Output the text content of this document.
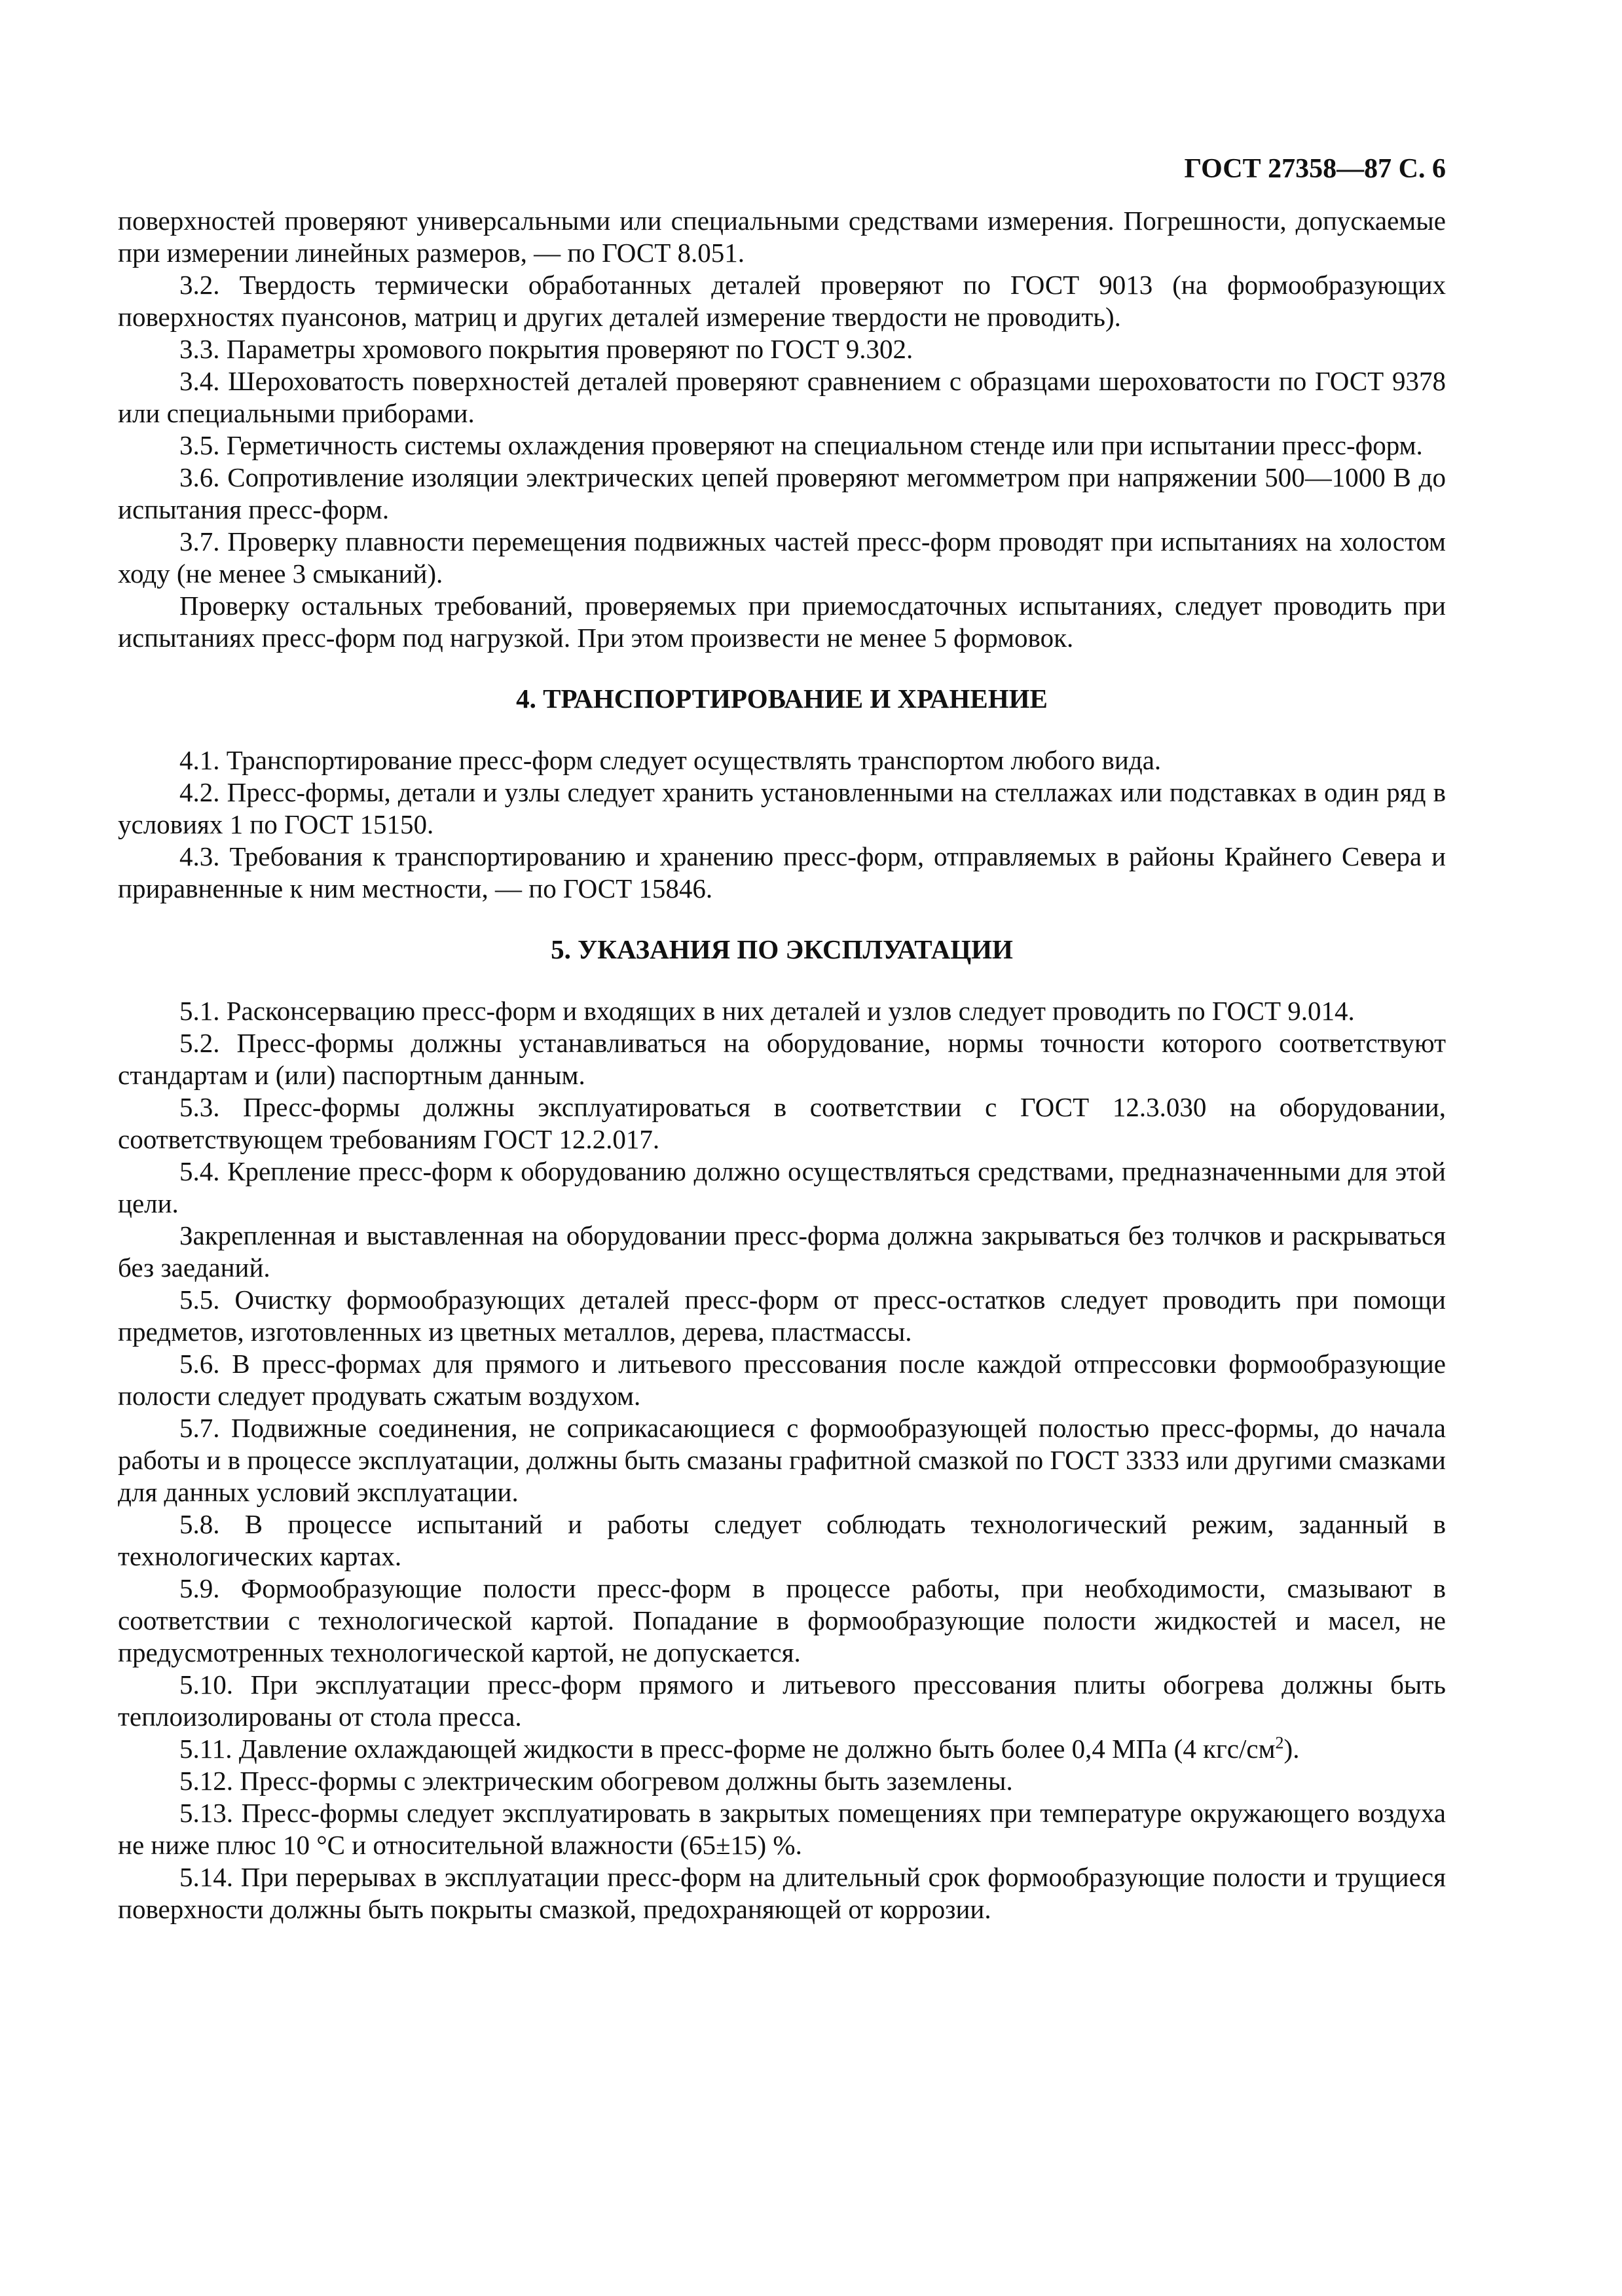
ГОСТ 27358—87 С. 6

поверхностей проверяют универсальными или специальными средствами измерения. Погрешности, допускаемые при измерении линейных размеров, — по ГОСТ 8.051.

3.2. Твердость термически обработанных деталей проверяют по ГОСТ 9013 (на формообразующих поверхностях пуансонов, матриц и других деталей измерение твердости не проводить).

3.3. Параметры хромового покрытия проверяют по ГОСТ 9.302.

3.4. Шероховатость поверхностей деталей проверяют сравнением с образцами шероховатости по ГОСТ 9378 или специальными приборами.

3.5. Герметичность системы охлаждения проверяют на специальном стенде или при испытании пресс-форм.

3.6. Сопротивление изоляции электрических цепей проверяют мегомметром при напряжении 500—1000 В до испытания пресс-форм.

3.7. Проверку плавности перемещения подвижных частей пресс-форм проводят при испытаниях на холостом ходу (не менее 3 смыканий).

Проверку остальных требований, проверяемых при приемосдаточных испытаниях, следует проводить при испытаниях пресс-форм под нагрузкой. При этом произвести не менее 5 формовок.

4. ТРАНСПОРТИРОВАНИЕ И ХРАНЕНИЕ

4.1. Транспортирование пресс-форм следует осуществлять транспортом любого вида.

4.2. Пресс-формы, детали и узлы следует хранить установленными на стеллажах или подставках в один ряд в условиях 1 по ГОСТ 15150.

4.3. Требования к транспортированию и хранению пресс-форм, отправляемых в районы Крайнего Севера и приравненные к ним местности, — по ГОСТ 15846.

5. УКАЗАНИЯ ПО ЭКСПЛУАТАЦИИ

5.1. Расконсервацию пресс-форм и входящих в них деталей и узлов следует проводить по ГОСТ 9.014.

5.2. Пресс-формы должны устанавливаться на оборудование, нормы точности которого соответствуют стандартам и (или) паспортным данным.

5.3. Пресс-формы должны эксплуатироваться в соответствии с ГОСТ 12.3.030 на оборудовании, соответствующем требованиям ГОСТ 12.2.017.

5.4. Крепление пресс-форм к оборудованию должно осуществляться средствами, предназначенными для этой цели.

Закрепленная и выставленная на оборудовании пресс-форма должна закрываться без толчков и раскрываться без заеданий.

5.5. Очистку формообразующих деталей пресс-форм от пресс-остатков следует проводить при помощи предметов, изготовленных из цветных металлов, дерева, пластмассы.

5.6. В пресс-формах для прямого и литьевого прессования после каждой отпрессовки формообразующие полости следует продувать сжатым воздухом.

5.7. Подвижные соединения, не соприкасающиеся с формообразующей полостью пресс-формы, до начала работы и в процессе эксплуатации, должны быть смазаны графитной смазкой по ГОСТ 3333 или другими смазками для данных условий эксплуатации.

5.8. В процессе испытаний и работы следует соблюдать технологический режим, заданный в технологических картах.

5.9. Формообразующие полости пресс-форм в процессе работы, при необходимости, смазывают в соответствии с технологической картой. Попадание в формообразующие полости жидкостей и масел, не предусмотренных технологической картой, не допускается.

5.10. При эксплуатации пресс-форм прямого и литьевого прессования плиты обогрева должны быть теплоизолированы от стола пресса.

5.11. Давление охлаждающей жидкости в пресс-форме не должно быть более 0,4 МПа (4 кгс/$см^2$).

5.12. Пресс-формы с электрическим обогревом должны быть заземлены.

5.13. Пресс-формы следует эксплуатировать в закрытых помещениях при температуре окружающего воздуха не ниже плюс 10 °С и относительной влажности (65±15) %.

5.14. При перерывах в эксплуатации пресс-форм на длительный срок формообразующие полости и трущиеся поверхности должны быть покрыты смазкой, предохраняющей от коррозии.
